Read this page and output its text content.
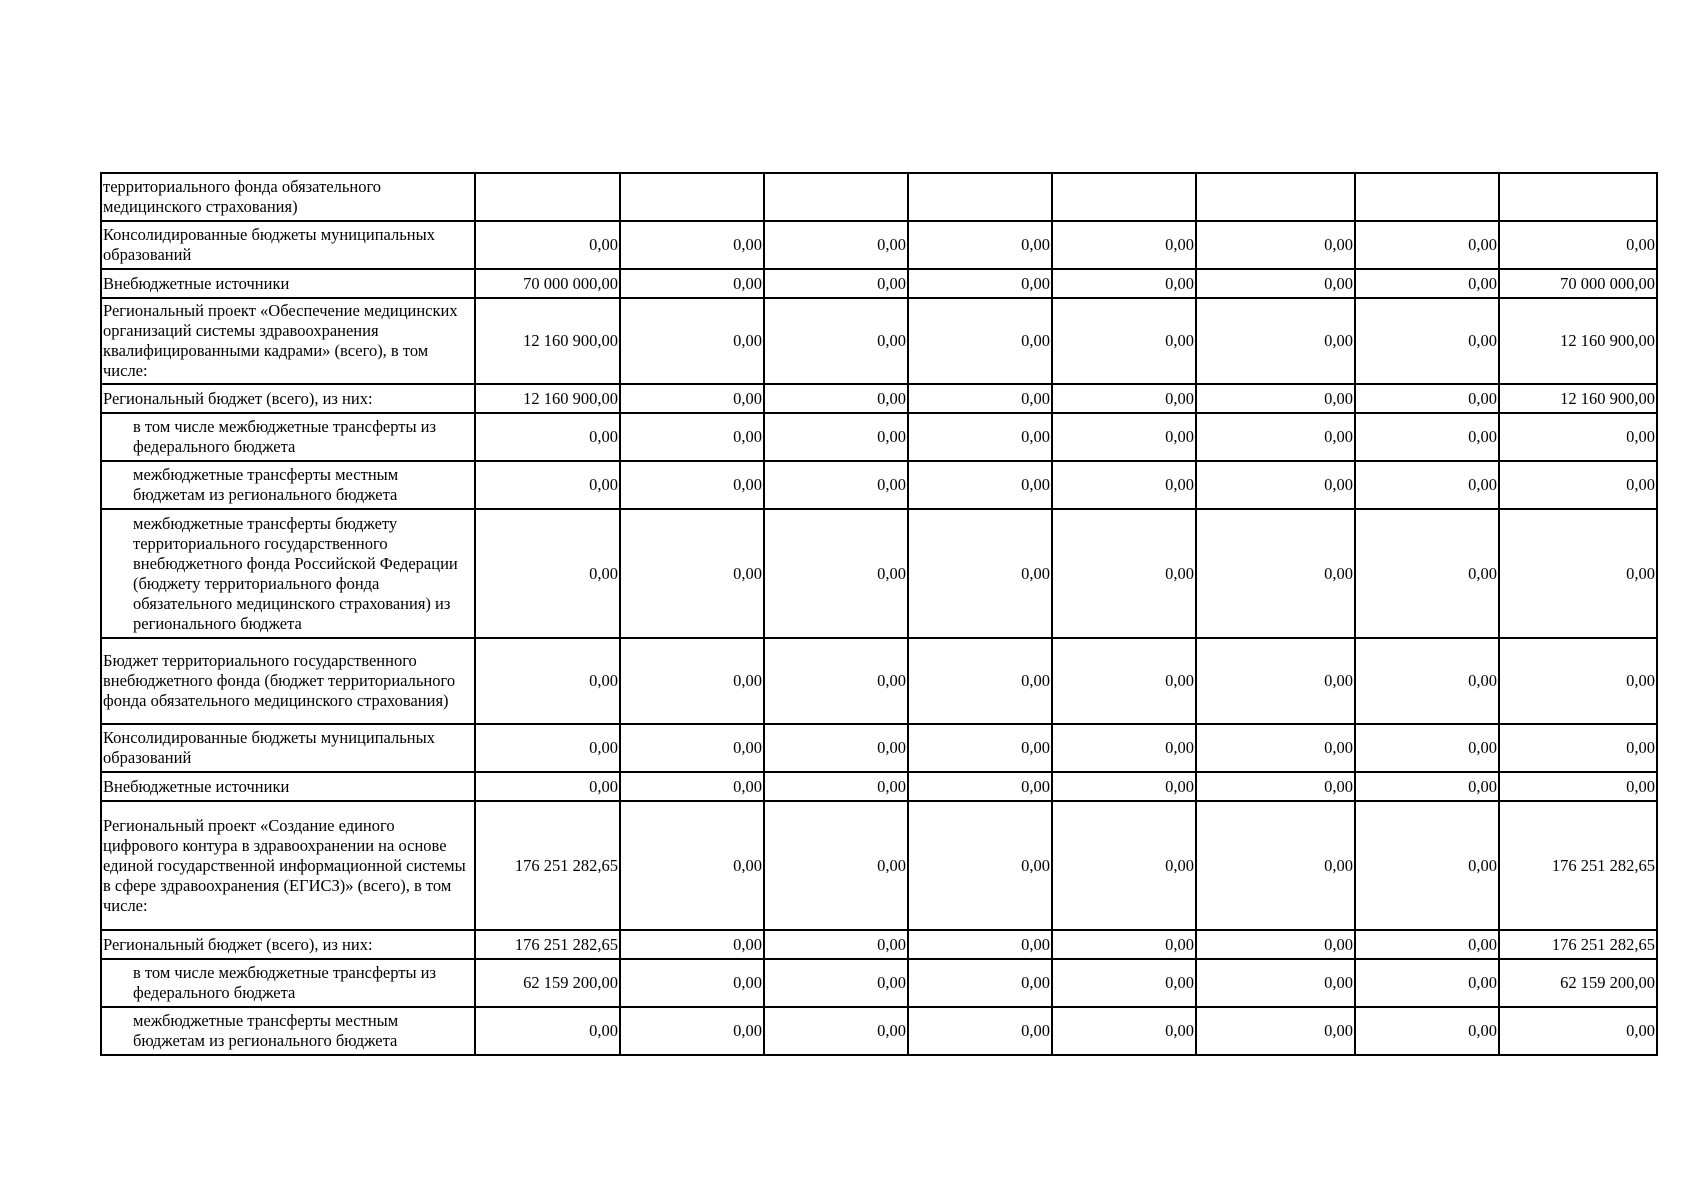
территориального фонда обязательного медицинского страхования)								
Консолидированные бюджеты муниципальных образований	0,00	0,00	0,00	0,00	0,00	0,00	0,00	0,00
Внебюджетные источники	70 000 000,00	0,00	0,00	0,00	0,00	0,00	0,00	70 000 000,00
Региональный проект «Обеспечение медицинских организаций системы здравоохранения квалифицированными кадрами» (всего), в том числе:	12 160 900,00	0,00	0,00	0,00	0,00	0,00	0,00	12 160 900,00
Региональный бюджет (всего), из них:	12 160 900,00	0,00	0,00	0,00	0,00	0,00	0,00	12 160 900,00
в том числе межбюджетные трансферты из федерального бюджета	0,00	0,00	0,00	0,00	0,00	0,00	0,00	0,00
межбюджетные трансферты местным бюджетам из регионального бюджета	0,00	0,00	0,00	0,00	0,00	0,00	0,00	0,00
межбюджетные трансферты бюджету территориального государственного внебюджетного фонда Российской Федерации (бюджету территориального фонда обязательного медицинского страхования) из регионального бюджета	0,00	0,00	0,00	0,00	0,00	0,00	0,00	0,00
Бюджет территориального государственного внебюджетного фонда (бюджет территориального фонда обязательного медицинского страхования)	0,00	0,00	0,00	0,00	0,00	0,00	0,00	0,00
Консолидированные бюджеты муниципальных образований	0,00	0,00	0,00	0,00	0,00	0,00	0,00	0,00
Внебюджетные источники	0,00	0,00	0,00	0,00	0,00	0,00	0,00	0,00
Региональный проект «Создание единого цифрового контура в здравоохранении на основе единой государственной информационной системы в сфере здравоохранения (ЕГИСЗ)» (всего), в том числе:	176 251 282,65	0,00	0,00	0,00	0,00	0,00	0,00	176 251 282,65
Региональный бюджет (всего), из них:	176 251 282,65	0,00	0,00	0,00	0,00	0,00	0,00	176 251 282,65
в том числе межбюджетные трансферты из федерального бюджета	62 159 200,00	0,00	0,00	0,00	0,00	0,00	0,00	62 159 200,00
межбюджетные трансферты местным бюджетам из регионального бюджета	0,00	0,00	0,00	0,00	0,00	0,00	0,00	0,00
